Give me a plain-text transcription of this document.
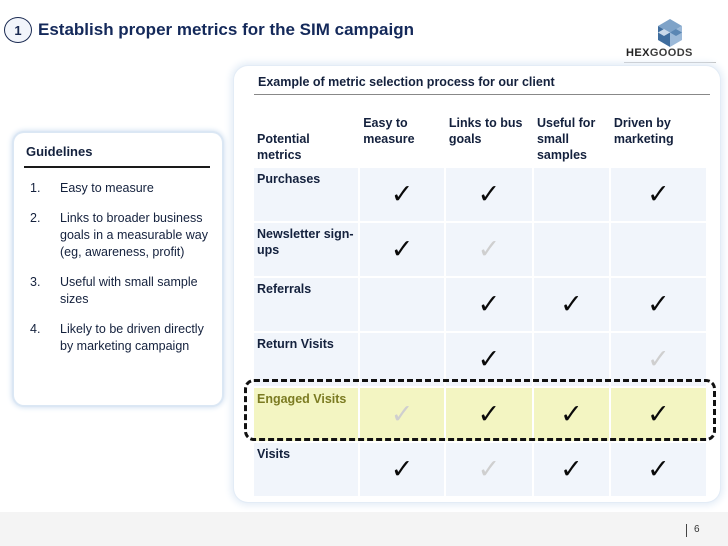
1 Establish proper metrics for the SIM campaign
HEXGOODS
Guidelines
1. Easy to measure
2. Links to broader business goals in a measurable way (eg, awareness, profit)
3. Useful with small sample sizes
4. Likely to be driven directly by marketing campaign
Example of metric selection process for our client
Potential metrics	Easy to measure	Links to bus goals	Useful for small samples	Driven by marketing
Purchases	✓	✓		✓
Newsletter sign-ups	✓	✓		
Referrals		✓	✓	✓
Return Visits		✓		✓
Engaged Visits	✓	✓	✓	✓
Visits	✓	✓	✓	✓
6
